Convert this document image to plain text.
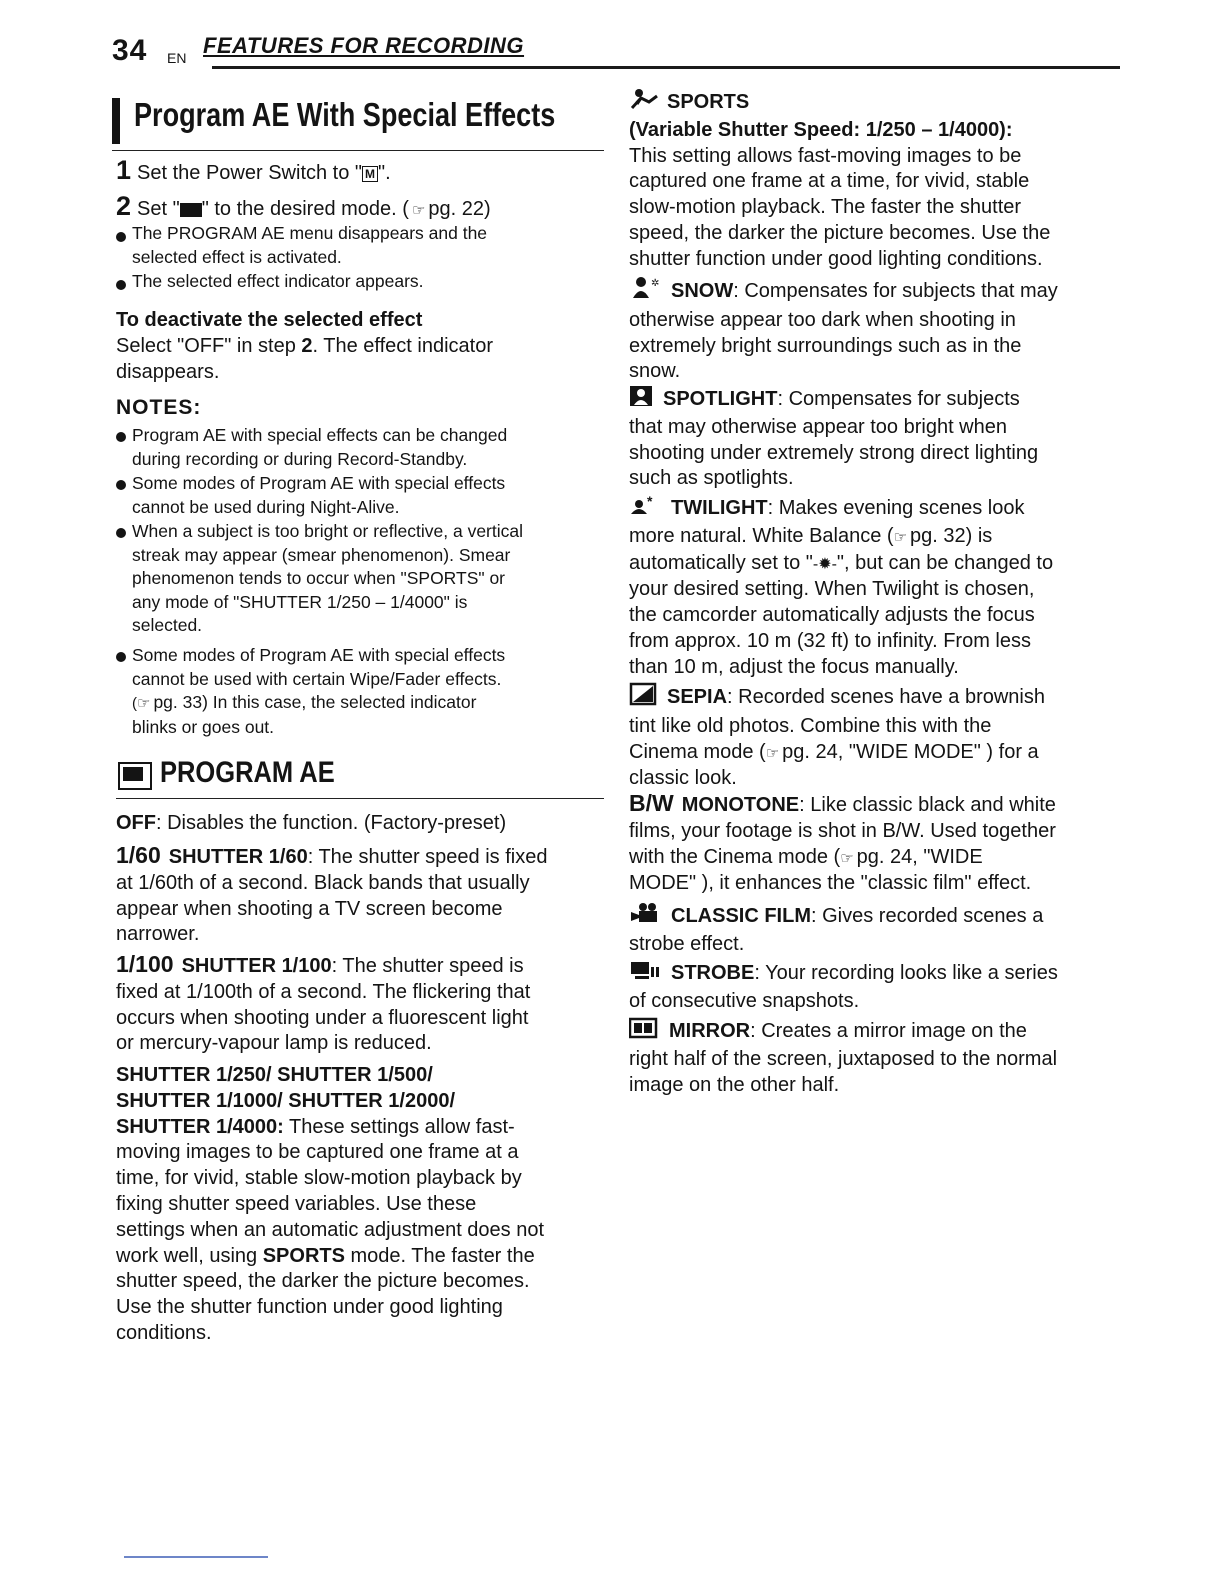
34 EN FEATURES FOR RECORDING
Program AE With Special Effects
1 Set the Power Switch to " M ".
2 Set " " to the desired mode. ( ☞ pg. 22)
The PROGRAM AE menu disappears and the
selected effect is activated.
The selected effect indicator appears.
To deactivate the selected effect
Select "OFF" in step 2. The effect indicator
disappears.
NOTES:
Program AE with special effects can be changed
during recording or during Record-Standby.
Some modes of Program AE with special effects
cannot be used during Night-Alive.
When a subject is too bright or reflective, a vertical
streak may appear (smear phenomenon). Smear
phenomenon tends to occur when "SPORTS" or
any mode of "SHUTTER 1/250 – 1/4000" is
selected.
Some modes of Program AE with special effects
cannot be used with certain Wipe/Fader effects.
(☞ pg. 33) In this case, the selected indicator
blinks or goes out.
PROGRAM AE
OFF: Disables the function. (Factory-preset)
1/60 SHUTTER 1/60: The shutter speed is fixed
at 1/60th of a second. Black bands that usually
appear when shooting a TV screen become
narrower.
1/100 SHUTTER 1/100: The shutter speed is
fixed at 1/100th of a second. The flickering that
occurs when shooting under a fluorescent light
or mercury-vapour lamp is reduced.
SHUTTER 1/250/ SHUTTER 1/500/
SHUTTER 1/1000/ SHUTTER 1/2000/
SHUTTER 1/4000: These settings allow fast-
moving images to be captured one frame at a
time, for vivid, stable slow-motion playback by
fixing shutter speed variables. Use these
settings when an automatic adjustment does not
work well, using SPORTS mode. The faster the
shutter speed, the darker the picture becomes.
Use the shutter function under good lighting
conditions.
SPORTS
(Variable Shutter Speed: 1/250 – 1/4000):
This setting allows fast-moving images to be
captured one frame at a time, for vivid, stable
slow-motion playback. The faster the shutter
speed, the darker the picture becomes. Use the
shutter function under good lighting conditions.
✲ SNOW: Compensates for subjects that may
otherwise appear too dark when shooting in
extremely bright surroundings such as in the
snow.
SPOTLIGHT: Compensates for subjects
that may otherwise appear too bright when
shooting under extremely strong direct lighting
such as spotlights.
* TWILIGHT: Makes evening scenes look
more natural. White Balance (☞ pg. 32) is
automatically set to "-✹-", but can be changed to
your desired setting. When Twilight is chosen,
the camcorder automatically adjusts the focus
from approx. 10 m (32 ft) to infinity. From less
than 10 m, adjust the focus manually.
SEPIA: Recorded scenes have a brownish
tint like old photos. Combine this with the
Cinema mode (☞ pg. 24, "WIDE MODE" ) for a
classic look.
B/W MONOTONE: Like classic black and white
films, your footage is shot in B/W. Used together
with the Cinema mode (☞ pg. 24, "WIDE
MODE" ), it enhances the "classic film" effect.
CLASSIC FILM: Gives recorded scenes a
strobe effect.
STROBE: Your recording looks like a series
of consecutive snapshots.
MIRROR: Creates a mirror image on the
right half of the screen, juxtaposed to the normal
image on the other half.
